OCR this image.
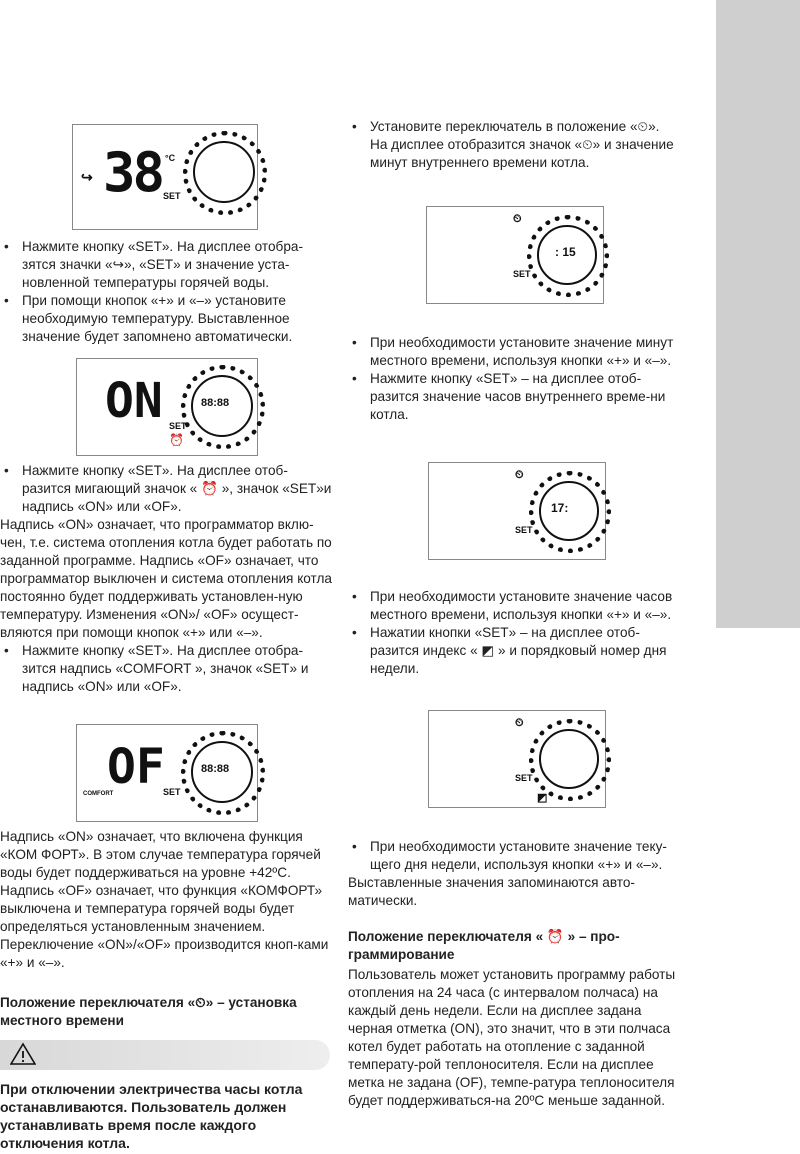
↪ 38 °C
SET
• Нажмите кнопку «SET». На дисплее отобра-зятся значки «↪», «SET» и значение уста-новленной температуры горячей воды.
• При помощи кнопок «+» и «–» установите необходимую температуру. Выставленное значение будет запомнено автоматически.
ON SET
⏰
88:88
• Нажмите кнопку «SET». На дисплее отоб-разится мигающий значок « ⏰ », значок «SET»и надпись «ON» или «OF».

Надпись «ON» означает, что программатор вклю-чен, т.е. система отопления котла будет работать по заданной программе. Надпись «OF» означает, что программатор выключен и система отопления котла постоянно будет поддерживать установлен-ную температуру. Изменения «ON»/ «OF» осущест-вляются при помощи кнопок «+» или «–».

• Нажмите кнопку «SET». На дисплее отобра-зится надпись «COMFORT », значок «SET» и надпись «ON» или «OF».
COMFORT
OF
SET
88:88

Надпись «ON» означает, что включена функция «КОМ ФОРТ». В этом случае температура горячей воды будет поддерживаться на уровне +42ºС. Надпись «OF» означает, что функция «КОМФОРТ» выключена и температура горячей воды будет определяться установленным значением. Переключение «ON»/«OF» производится кноп-ками «+» и «–».

Положение переключателя «⏲» – установка местного времени
При отключении электричества часы котла останавливаются. Пользователь должен устанавливать время после каждого отключения котла.
• Установите переключатель в положение «⏲». На дисплее отобразится значок «⏲» и значение минут внутреннего времени котла.
⏲
SET
: 15
• При необходимости установите значение минут местного времени, используя кнопки «+» и «–».
• Нажмите кнопку «SET» – на дисплее отоб-разится значение часов внутреннего време-ни котла.
⏲
SET
17:
• При необходимости установите значение часов местного времени, используя кнопки «+» и «–».
• Нажатии кнопки «SET» – на дисплее отоб-разится индекс « ◩ » и порядковый номер дня недели.
⏲
SET
◩
• При необходимости установите значение теку-щего дня недели, используя кнопки «+» и «–».

Выставленные значения запоминаются авто-матически.

Положение переключателя « ⏰ » – про-граммирование

Пользователь может установить программу работы отопления на 24 часа (с интервалом полчаса) на каждый день недели. Если на дисплее задана черная отметка (ON), это значит, что в эти полчаса котел будет работать на отопление с заданной температу-рой теплоносителя. Если на дисплее метка не задана (OF), темпе-ратура теплоносителя будет поддерживаться-на 20ºС меньше заданной.
